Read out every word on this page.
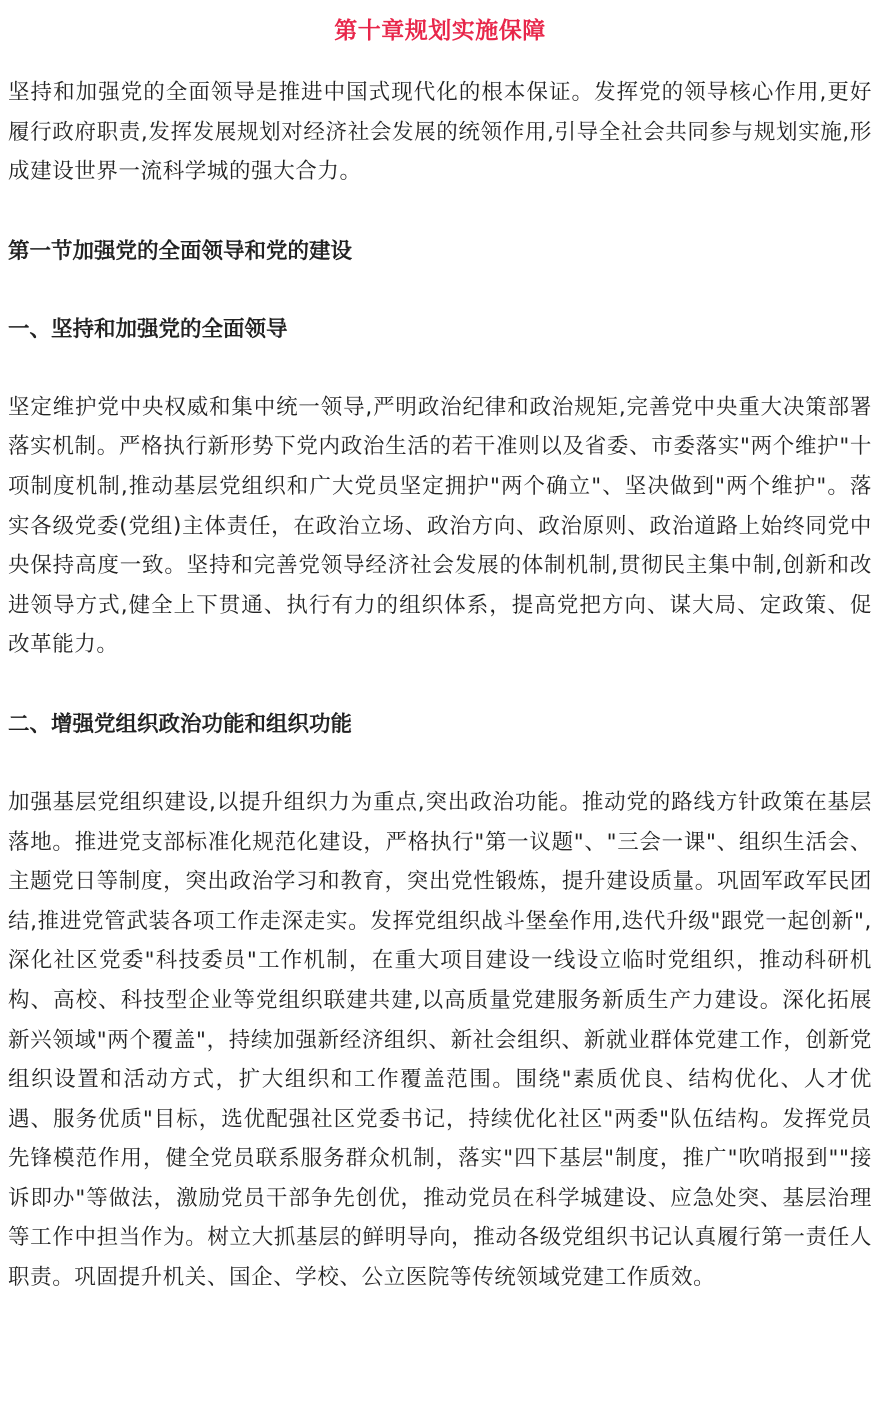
第十章规划实施保障

坚持和加强党的全面领导是推进中国式现代化的根本保证。发挥党的领导核心作用,更好履行政府职责,发挥发展规划对经济社会发展的统领作用,引导全社会共同参与规划实施,形成建设世界一流科学城的强大合力。

第一节加强党的全面领导和党的建设
一、坚持和加强党的全面领导

坚定维护党中央权威和集中统一领导,严明政治纪律和政治规矩,完善党中央重大决策部署落实机制。严格执行新形势下党内政治生活的若干准则以及省委、市委落实"两个维护"十项制度机制,推动基层党组织和广大党员坚定拥护"两个确立"、坚决做到"两个维护"。落实各级党委(党组)主体责任，在政治立场、政治方向、政治原则、政治道路上始终同党中央保持高度一致。坚持和完善党领导经济社会发展的体制机制,贯彻民主集中制,创新和改进领导方式,健全上下贯通、执行有力的组织体系，提高党把方向、谋大局、定政策、促改革能力。

二、增强党组织政治功能和组织功能

加强基层党组织建设,以提升组织力为重点,突出政治功能。推动党的路线方针政策在基层落地。推进党支部标准化规范化建设，严格执行"第一议题"、"三会一课"、组织生活会、主题党日等制度，突出政治学习和教育，突出党性锻炼，提升建设质量。巩固军政军民团结,推进党管武装各项工作走深走实。发挥党组织战斗堡垒作用,迭代升级"跟党一起创新",深化社区党委"科技委员"工作机制，在重大项目建设一线设立临时党组织，推动科研机构、高校、科技型企业等党组织联建共建,以高质量党建服务新质生产力建设。深化拓展新兴领域"两个覆盖"，持续加强新经济组织、新社会组织、新就业群体党建工作，创新党组织设置和活动方式，扩大组织和工作覆盖范围。围绕"素质优良、结构优化、人才优遇、服务优质"目标，选优配强社区党委书记，持续优化社区"两委"队伍结构。发挥党员先锋模范作用，健全党员联系服务群众机制，落实"四下基层"制度，推广"吹哨报到""接诉即办"等做法，激励党员干部争先创优，推动党员在科学城建设、应急处突、基层治理等工作中担当作为。树立大抓基层的鲜明导向，推动各级党组织书记认真履行第一责任人职责。巩固提升机关、国企、学校、公立医院等传统领域党建工作质效。
